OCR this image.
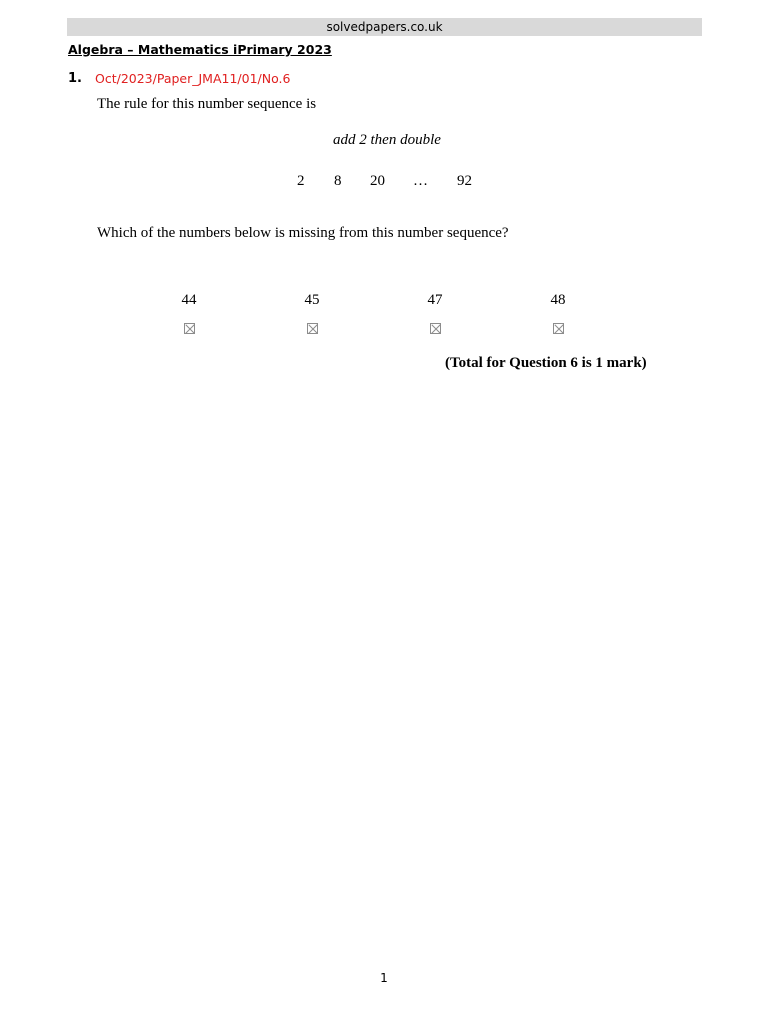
solvedpapers.co.uk
Algebra – Mathematics iPrimary 2023
1. Oct/2023/Paper_JMA11/01/No.6
The rule for this number sequence is
add 2 then double
2 8 20 … 92
Which of the numbers below is missing from this number sequence?
44	45	47	48
(Total for Question 6 is 1 mark)
1
